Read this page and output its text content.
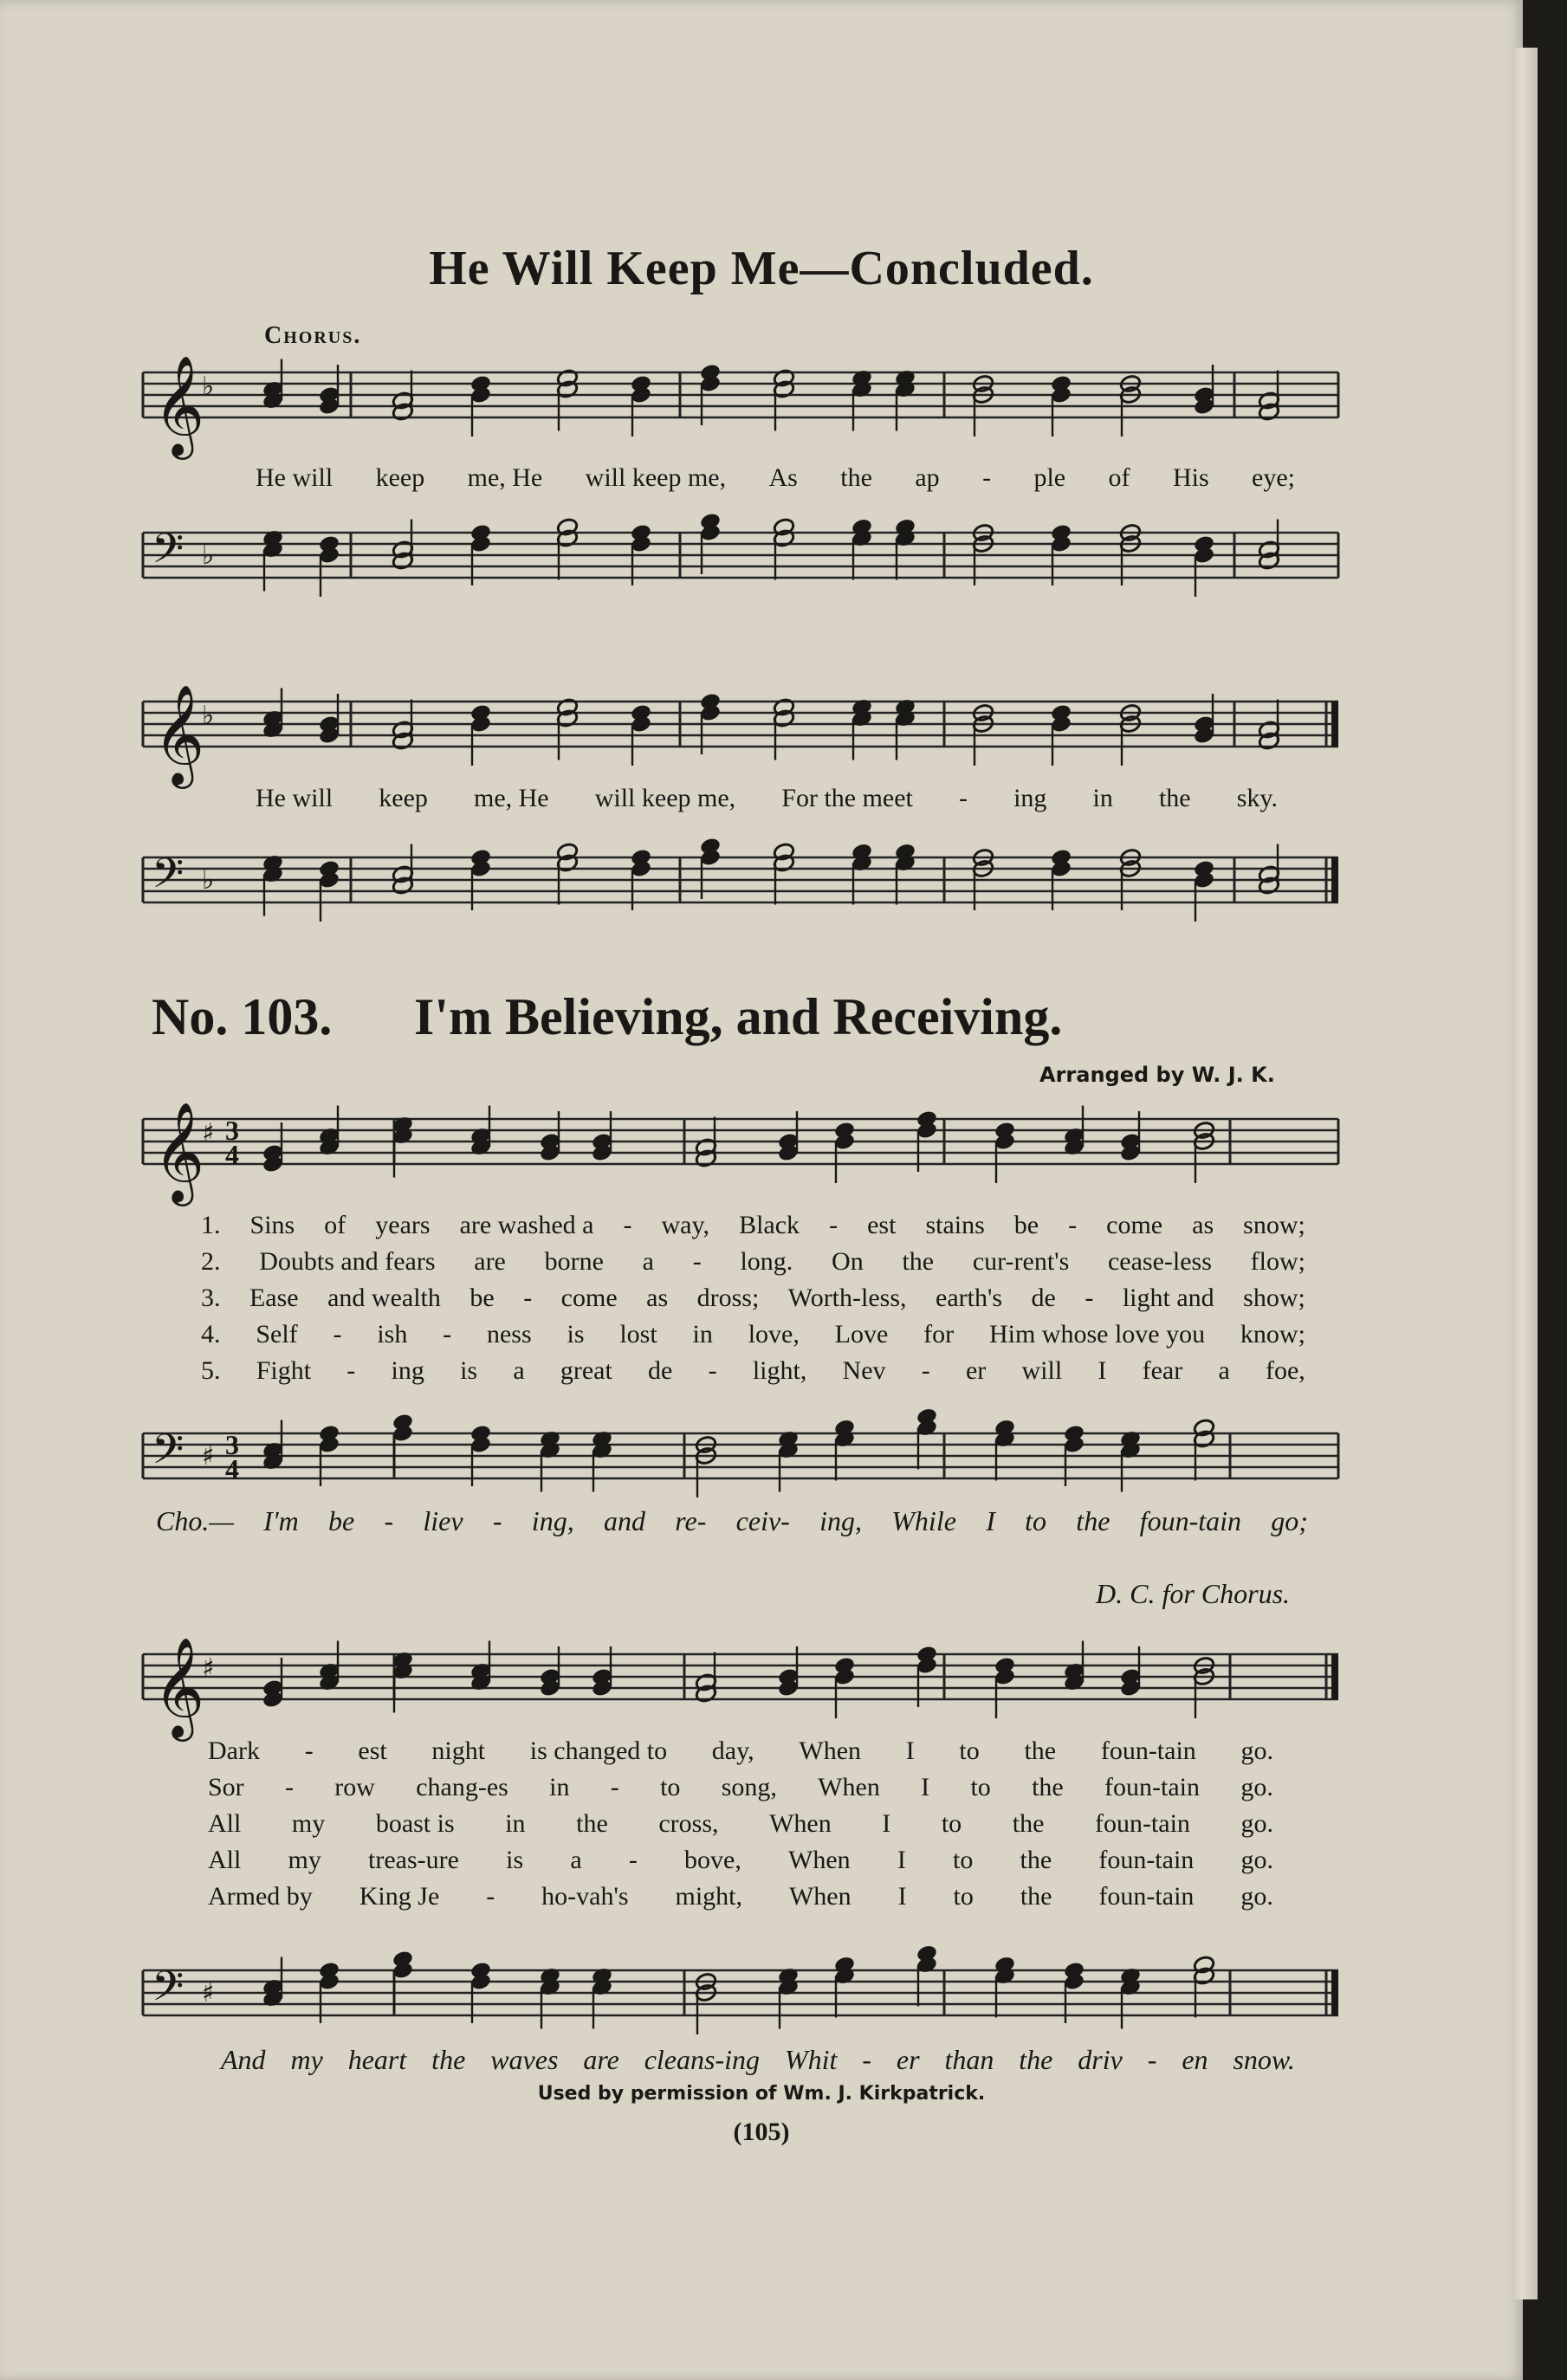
He Will Keep Me—Concluded.
Chorus.
𝄞
♭
He will keep me, He will keep me, As the ap - ple of His eye;
𝄢 ♭
𝄞
♭
He will keep me, He will keep me, For the meet - ing in the sky.
𝄢 ♭
No. 103. I'm Believing, and Receiving.
Arranged by W. J. K.
𝄞
♯ 3
4
1. Sins of years are washed a - way, Black - est stains be - come as snow;
2. Doubts and fears are borne a - long. On the cur-rent's cease-less flow;
3. Ease and wealth be - come as dross; Worth-less, earth's de - light and show;
4. Self - ish - ness is lost in love, Love for Him whose love you know;
5. Fight - ing is a great de - light, Nev - er will I fear a foe,
𝄢 ♯ 3
4
Cho.— I'm be - liev - ing, and re- ceiv- ing, While I to the foun-tain go;
D. C. for Chorus.
𝄞
♯
Dark - est night is changed to day, When I to the foun-tain go.
Sor - row chang-es in - to song, When I to the foun-tain go.
All my boast is in the cross, When I to the foun-tain go.
All my treas-ure is a - bove, When I to the foun-tain go.
Armed by King Je - ho-vah's might, When I to the foun-tain go.
𝄢 ♯
And my heart the waves are cleans-ing Whit - er than the driv - en snow.
Used by permission of Wm. J. Kirkpatrick.
(105)
